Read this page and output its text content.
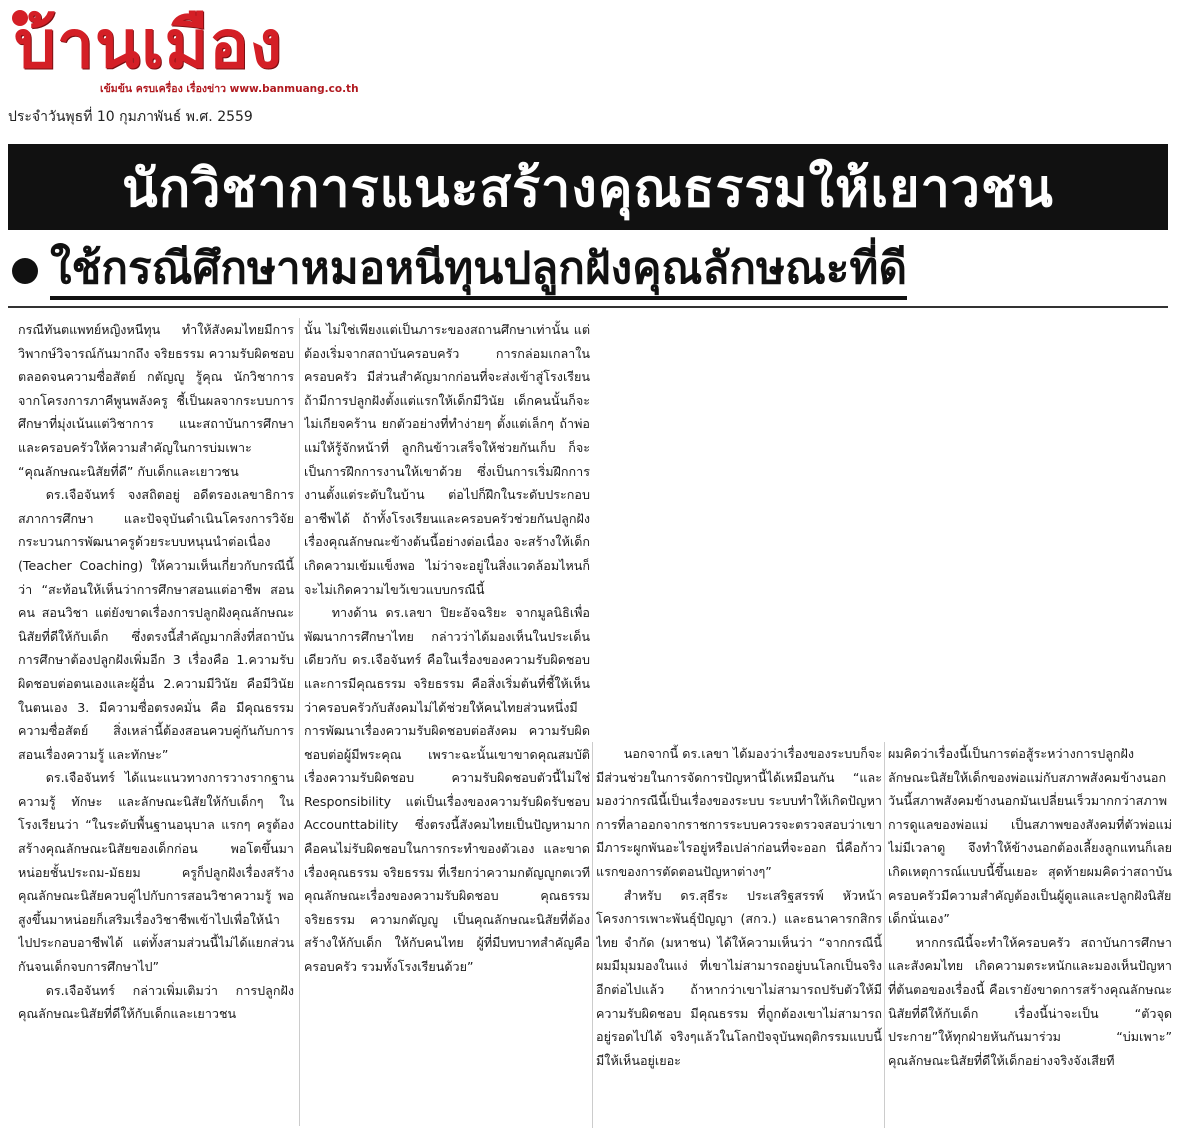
บ้านเมือง
เข้มข้น ครบเครื่อง เรื่องข่าว www.banmuang.co.th
ประจำวันพุธที่ 10 กุมภาพันธ์ พ.ศ. 2559
นักวิชาการแนะสร้างคุณธรรมให้เยาวชน
ใช้กรณีศึกษาหมอหนีทุนปลูกฝังคุณลักษณะที่ดี

กรณีทันตแพทย์หญิงหนีทุน ทำให้สังคมไทยมีการวิพากษ์วิจารณ์กันมากถึง จริยธรรม ความรับผิดชอบ ตลอดจนความซื่อสัตย์ กตัญญู รู้คุณ นักวิชาการจากโครงการภาคีพูนพลังครู ชี้เป็นผลจากระบบการศึกษาที่มุ่งเน้นแต่วิชาการ แนะสถาบันการศึกษาและครอบครัวให้ความสำคัญในการบ่มเพาะ “คุณลักษณะนิสัยที่ดี” กับเด็กและเยาวชน

ดร.เจือจันทร์ จงสถิตอยู่ อดีตรองเลขาธิการสภาการศึกษา และปัจจุบันดำเนินโครงการวิจัยกระบวนการพัฒนาครูด้วยระบบหนุนนำต่อเนื่อง (Teacher Coaching) ให้ความเห็นเกี่ยวกับกรณีนี้ว่า “สะท้อนให้เห็นว่าการศึกษาสอนแต่อาชีพ สอนคน สอนวิชา แต่ยังขาดเรื่องการปลูกฝังคุณลักษณะนิสัยที่ดีให้กับเด็ก ซึ่งตรงนี้สำคัญมากสิ่งที่สถาบันการศึกษาต้องปลูกฝังเพิ่มอีก 3 เรื่องคือ 1.ความรับผิดชอบต่อตนเองและผู้อื่น 2.ความมีวินัย คือมีวินัยในตนเอง 3. มีความซื่อตรงคมั่น คือ มีคุณธรรม ความซื่อสัตย์ สิ่งเหล่านี้ต้องสอนควบคู่กันกับการสอนเรื่องความรู้ และทักษะ”

ดร.เจือจันทร์ ได้แนะแนวทางการวางรากฐานความรู้ ทักษะ และลักษณะนิสัยให้กับเด็กๆ ในโรงเรียนว่า “ในระดับพื้นฐานอนุบาล แรกๆ ครูต้องสร้างคุณลักษณะนิสัยของเด็กก่อน พอโตขึ้นมาหน่อยชั้นประถม-มัธยม ครูก็ปลูกฝังเรื่องสร้างคุณลักษณะนิสัยควบคู่ไปกับการสอนวิชาความรู้ พอสูงขึ้นมาหน่อยก็เสริมเรื่องวิชาชีพเข้าไปเพื่อให้นำไปประกอบอาชีพได้ แต่ทั้งสามส่วนนี้ไม่ได้แยกส่วนกันจนเด็กจบการศึกษาไป”

ดร.เจือจันทร์ กล่าวเพิ่มเติมว่า การปลูกฝังคุณลักษณะนิสัยที่ดีให้กับเด็กและเยาวชน

นั้น ไม่ใช่เพียงแต่เป็นภาระของสถานศึกษาเท่านั้น แต่ต้องเริ่มจากสถาบันครอบครัว การกล่อมเกลาในครอบครัว มีส่วนสำคัญมากก่อนที่จะส่งเข้าสู่โรงเรียน ถ้ามีการปลูกฝังตั้งแต่แรกให้เด็กมีวินัย เด็กคนนั้นก็จะไม่เกียจคร้าน ยกตัวอย่างที่ทำง่ายๆ ตั้งแต่เล็กๆ ถ้าพ่อแม่ให้รู้จักหน้าที่ ลูกกินข้าวเสร็จให้ช่วยกันเก็บ ก็จะเป็นการฝึกการงานให้เขาด้วย ซึ่งเป็นการเริ่มฝึกการงานตั้งแต่ระดับในบ้าน ต่อไปก็ฝึกในระดับประกอบอาชีพได้ ถ้าทั้งโรงเรียนและครอบครัวช่วยกันปลูกฝังเรื่องคุณลักษณะข้างต้นนี้อย่างต่อเนื่อง จะสร้างให้เด็กเกิดความเข้มแข็งพอ ไม่ว่าจะอยู่ในสิ่งแวดล้อมไหนก็จะไม่เกิดความไขว้เขวแบบกรณีนี้

ทางด้าน ดร.เลขา ปิยะอัจฉริยะ จากมูลนิธิเพื่อพัฒนาการศึกษาไทย กล่าวว่าได้มองเห็นในประเด็นเดียวกับ ดร.เจือจันทร์ คือในเรื่องของความรับผิดชอบและการมีคุณธรรม จริยธรรม คือสิ่งเริ่มต้นที่ชี้ให้เห็นว่าครอบครัวกับสังคมไม่ได้ช่วยให้คนไทยส่วนหนึ่งมีการพัฒนาเรื่องความรับผิดชอบต่อสังคม ความรับผิดชอบต่อผู้มีพระคุณ เพราะฉะนั้นเขาขาดคุณสมบัติเรื่องความรับผิดชอบ ความรับผิดชอบตัวนี้ไม่ใช่ Responsibility แต่เป็นเรื่องของความรับผิดรับชอบ Accounttability ซึ่งตรงนี้สังคมไทยเป็นปัญหามาก คือคนไม่รับผิดชอบในการกระทำของตัวเอง และขาดเรื่องคุณธรรม จริยธรรม ที่เรียกว่าความกตัญญูกตเวทีคุณลักษณะเรื่องของความรับผิดชอบ คุณธรรม จริยธรรม ความกตัญญู เป็นคุณลักษณะนิสัยที่ต้องสร้างให้กับเด็ก ให้กับคนไทย ผู้ที่มีบทบาทสำคัญคือครอบครัว รวมทั้งโรงเรียนด้วย”

นอกจากนี้ ดร.เลขา ได้มองว่าเรื่องของระบบก็จะมีส่วนช่วยในการจัดการปัญหานี้ได้เหมือนกัน “และมองว่ากรณีนี้เป็นเรื่องของระบบ ระบบทำให้เกิดปัญหา การที่ลาออกจากราชการระบบควรจะตรวจสอบว่าเขามีภาระผูกพันอะไรอยู่หรือเปล่าก่อนที่จะออก นี่คือก้าวแรกของการตัดตอนปัญหาต่างๆ”

สำหรับ ดร.สุธีระ ประเสริฐสรรพ์ หัวหน้าโครงการเพาะพันธุ์ปัญญา (สกว.) และธนาคารกสิกรไทย จำกัด (มหาชน) ได้ให้ความเห็นว่า “จากกรณีนี้ผมมีมุมมองในแง่ ที่เขาไม่สามารถอยู่บนโลกเป็นจริงอีกต่อไปแล้ว ถ้าหากว่าเขาไม่สามารถปรับตัวให้มีความรับผิดชอบ มีคุณธรรม ที่ถูกต้องเขาไม่สามารถอยู่รอดไปได้ จริงๆแล้วในโลกปัจจุบันพฤติกรรมแบบนี้มีให้เห็นอยู่เยอะ

ผมคิดว่าเรื่องนี้เป็นการต่อสู้ระหว่างการปลูกฝังลักษณะนิสัยให้เด็กของพ่อแม่กับสภาพสังคมข้างนอก วันนี้สภาพสังคมข้างนอกมันเปลี่ยนเร็วมากกว่าสภาพการดูแลของพ่อแม่ เป็นสภาพของสังคมที่ตัวพ่อแม่ไม่มีเวลาดู จึงทำให้ข้างนอกต้องเลี้ยงลูกแทนก็เลยเกิดเหตุการณ์แบบนี้ขึ้นเยอะ สุดท้ายผมคิดว่าสถาบันครอบครัวมีความสำคัญต้องเป็นผู้ดูแลและปลูกฝังนิสัยเด็กนั่นเอง”

หากกรณีนี้จะทำให้ครอบครัว สถาบันการศึกษา และสังคมไทย เกิดความตระหนักและมองเห็นปัญหาที่ต้นตอของเรื่องนี้ คือเรายังขาดการสร้างคุณลักษณะนิสัยที่ดีให้กับเด็ก เรื่องนี้น่าจะเป็น “ตัวจุดประกาย”ให้ทุกฝ่ายหันกันมาร่วม “บ่มเพาะ” คุณลักษณะนิสัยที่ดีให้เด็กอย่างจริงจังเสียที
